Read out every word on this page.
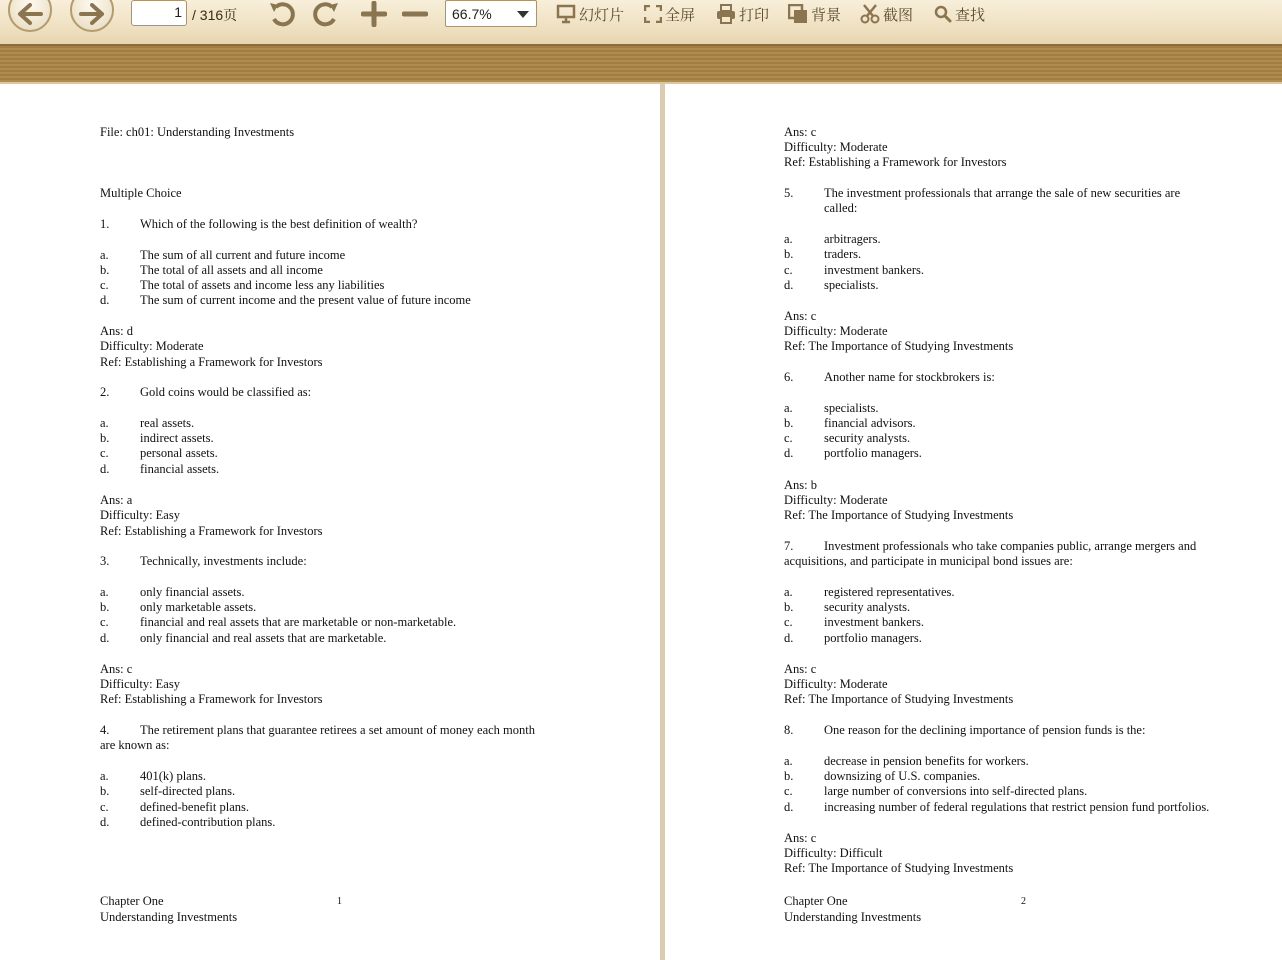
1 / 316页	66.7%	幻灯片	全屏	打印	背景	截图	查找
File: ch01: Understanding Investments
Multiple Choice
1. Which of the following is the best definition of wealth?
a.	The sum of all current and future income
b. The total of all assets and all income
c.	The total of assets and income less any liabilities
d. The sum of current income and the present value of future income
Ans: d
Difficulty: Moderate
Ref: Establishing a Framework for Investors
2. Gold coins would be classified as:
a.	real assets.
b. indirect assets.
c.	personal assets.
d. financial assets.
Ans: a
Difficulty: Easy
Ref: Establishing a Framework for Investors
3. Technically, investments include:
a.	only financial assets.
b. only marketable assets.
c.	financial and real assets that are marketable or non-marketable.
d. only financial and real assets that are marketable.
Ans: c
Difficulty: Easy
Ref: Establishing a Framework for Investors
4. The retirement plans that guarantee retirees a set amount of money each month
are known as:
a.	401(k) plans.
b. self-directed plans.
c.	defined-benefit plans.
d. defined-contribution plans.
Chapter One
Understanding Investments
1
Ans: c
Difficulty: Moderate
Ref: Establishing a Framework for Investors
5. The investment professionals that arrange the sale of new securities are
called:
a.	arbitragers.
b. traders.
c.	investment bankers.
d. specialists.
Ans: c
Difficulty: Moderate
Ref: The Importance of Studying Investments
6. Another name for stockbrokers is:
a.	specialists.
b. financial advisors.
c.	security analysts.
d. portfolio managers.
Ans: b
Difficulty: Moderate
Ref: The Importance of Studying Investments
7. Investment professionals who take companies public, arrange mergers and
acquisitions, and participate in municipal bond issues are:
a.	registered representatives.
b. security analysts.
c.	investment bankers.
d. portfolio managers.
Ans: c
Difficulty: Moderate
Ref: The Importance of Studying Investments
8. One reason for the declining importance of pension funds is the:
a.	decrease in pension benefits for workers.
b. downsizing of U.S. companies.
c.	large number of conversions into self-directed plans.
d. increasing number of federal regulations that restrict pension fund portfolios.
Ans: c
Difficulty: Difficult
Ref: The Importance of Studying Investments
Chapter One
Understanding Investments
2
